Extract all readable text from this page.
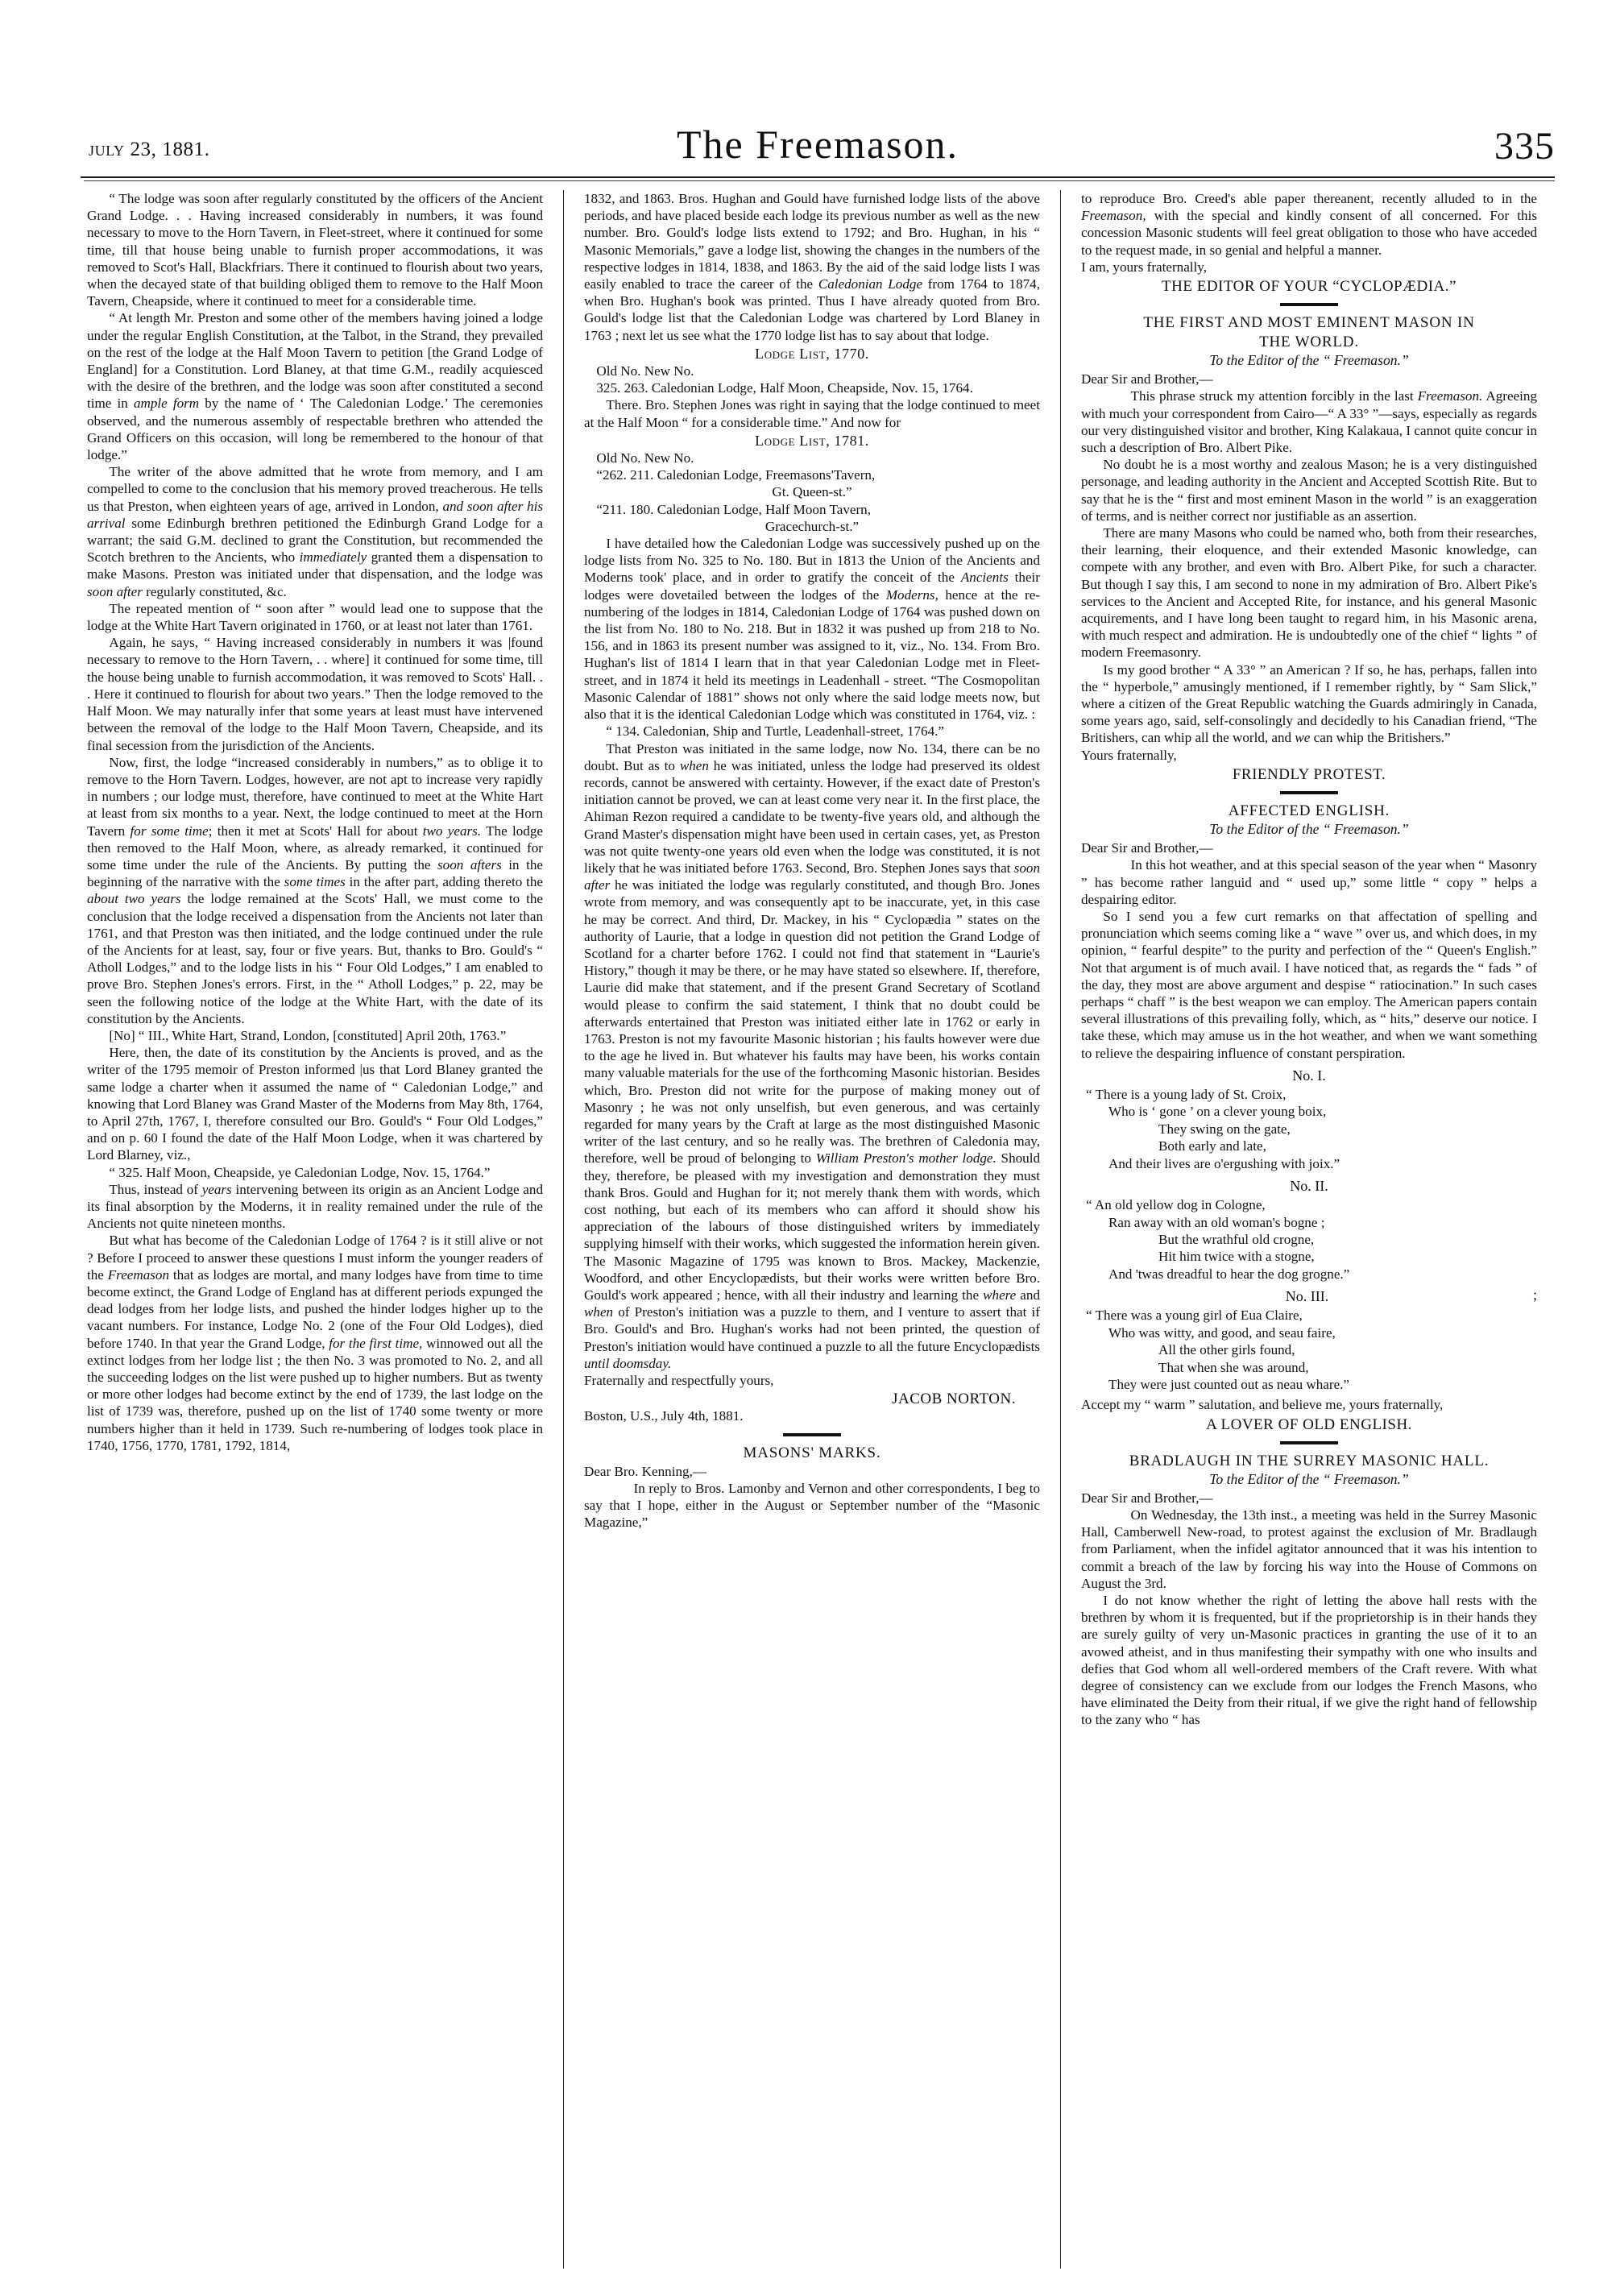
july 23, 1881.	The Freemason.	335

“ The lodge was soon after regularly constituted by the officers of the Ancient Grand Lodge. . . Having increased considerably in numbers, it was found necessary to move to the Horn Tavern, in Fleet-street, where it continued for some time, till that house being unable to furnish proper accommodations, it was removed to Scot's Hall, Blackfriars. There it continued to flourish about two years, when the decayed state of that building obliged them to remove to the Half Moon Tavern, Cheapside, where it continued to meet for a considerable time.

“ At length Mr. Preston and some other of the members having joined a lodge under the regular English Constitution, at the Talbot, in the Strand, they prevailed on the rest of the lodge at the Half Moon Tavern to petition [the Grand Lodge of England] for a Constitution. Lord Blaney, at that time G.M., readily acquiesced with the desire of the brethren, and the lodge was soon after constituted a second time in ample form by the name of ‘ The Caledonian Lodge.’ The ceremonies observed, and the numerous assembly of respectable brethren who attended the Grand Officers on this occasion, will long be remembered to the honour of that lodge.”

The writer of the above admitted that he wrote from memory, and I am compelled to come to the conclusion that his memory proved treacherous. He tells us that Preston, when eighteen years of age, arrived in London, and soon after his arrival some Edinburgh brethren petitioned the Edinburgh Grand Lodge for a warrant; the said G.M. declined to grant the Constitution, but recommended the Scotch brethren to the Ancients, who immediately granted them a dispensation to make Masons. Preston was initiated under that dispensation, and the lodge was soon after regularly constituted, &c.

The repeated mention of “ soon after ” would lead one to suppose that the lodge at the White Hart Tavern originated in 1760, or at least not later than 1761.

Again, he says, “ Having increased considerably in numbers it was |found necessary to remove to the Horn Tavern, . . where] it continued for some time, till the house being unable to furnish accommodation, it was removed to Scots' Hall. . . Here it continued to flourish for about two years.” Then the lodge removed to the Half Moon. We may naturally infer that some years at least must have intervened between the removal of the lodge to the Half Moon Tavern, Cheapside, and its final secession from the jurisdiction of the Ancients.

Now, first, the lodge “increased considerably in numbers,” as to oblige it to remove to the Horn Tavern. Lodges, however, are not apt to increase very rapidly in numbers ; our lodge must, therefore, have continued to meet at the White Hart at least from six months to a year. Next, the lodge continued to meet at the Horn Tavern for some time; then it met at Scots' Hall for about two years. The lodge then removed to the Half Moon, where, as already remarked, it continued for some time under the rule of the Ancients. By putting the soon afters in the beginning of the narrative with the some times in the after part, adding thereto the about two years the lodge remained at the Scots' Hall, we must come to the conclusion that the lodge received a dispensation from the Ancients not later than 1761, and that Preston was then initiated, and the lodge continued under the rule of the Ancients for at least, say, four or five years. But, thanks to Bro. Gould's “ Atholl Lodges,” and to the lodge lists in his “ Four Old Lodges,” I am enabled to prove Bro. Stephen Jones's errors. First, in the “ Atholl Lodges,” p. 22, may be seen the following notice of the lodge at the White Hart, with the date of its constitution by the Ancients.

[No] “ III., White Hart, Strand, London, [constituted] April 20th, 1763.”

Here, then, the date of its constitution by the Ancients is proved, and as the writer of the 1795 memoir of Preston informed |us that Lord Blaney granted the same lodge a charter when it assumed the name of “ Caledonian Lodge,” and knowing that Lord Blaney was Grand Master of the Moderns from May 8th, 1764, to April 27th, 1767, I, therefore consulted our Bro. Gould's “ Four Old Lodges,” and on p. 60 I found the date of the Half Moon Lodge, when it was chartered by Lord Blarney, viz.,

“ 325. Half Moon, Cheapside, ye Caledonian Lodge, Nov. 15, 1764.”

Thus, instead of years intervening between its origin as an Ancient Lodge and its final absorption by the Moderns, it in reality remained under the rule of the Ancients not quite nineteen months.

But what has become of the Caledonian Lodge of 1764 ? is it still alive or not ? Before I proceed to answer these questions I must inform the younger readers of the Freemason that as lodges are mortal, and many lodges have from time to time become extinct, the Grand Lodge of England has at different periods expunged the dead lodges from her lodge lists, and pushed the hinder lodges higher up to the vacant numbers. For instance, Lodge No. 2 (one of the Four Old Lodges), died before 1740. In that year the Grand Lodge, for the first time, winnowed out all the extinct lodges from her lodge list ; the then No. 3 was promoted to No. 2, and all the succeeding lodges on the list were pushed up to higher numbers. But as twenty or more other lodges had become extinct by the end of 1739, the last lodge on the list of 1739 was, therefore, pushed up on the list of 1740 some twenty or more numbers higher than it held in 1739. Such re-numbering of lodges took place in 1740, 1756, 1770, 1781, 1792, 1814,

1832, and 1863. Bros. Hughan and Gould have furnished lodge lists of the above periods, and have placed beside each lodge its previous number as well as the new number. Bro. Gould's lodge lists extend to 1792; and Bro. Hughan, in his “ Masonic Memorials,” gave a lodge list, showing the changes in the numbers of the respective lodges in 1814, 1838, and 1863. By the aid of the said lodge lists I was easily enabled to trace the career of the Caledonian Lodge from 1764 to 1874, when Bro. Hughan's book was printed. Thus I have already quoted from Bro. Gould's lodge list that the Caledonian Lodge was chartered by Lord Blaney in 1763 ; next let us see what the 1770 lodge list has to say about that lodge.

Lodge List, 1770.

Old No. New No.

325. 263. Caledonian Lodge, Half Moon, Cheapside, Nov. 15, 1764.

There. Bro. Stephen Jones was right in saying that the lodge continued to meet at the Half Moon “ for a considerable time.” And now for

Lodge List, 1781.

Old No. New No.

“262. 211. Caledonian Lodge, Freemasons'Tavern,

Gt. Queen-st.”

“211. 180. Caledonian Lodge, Half Moon Tavern,

Gracechurch-st.”

I have detailed how the Caledonian Lodge was successively pushed up on the lodge lists from No. 325 to No. 180. But in 1813 the Union of the Ancients and Moderns took' place, and in order to gratify the conceit of the Ancients their lodges were dovetailed between the lodges of the Moderns, hence at the re-numbering of the lodges in 1814, Caledonian Lodge of 1764 was pushed down on the list from No. 180 to No. 218. But in 1832 it was pushed up from 218 to No. 156, and in 1863 its present number was assigned to it, viz., No. 134. From Bro. Hughan's list of 1814 I learn that in that year Caledonian Lodge met in Fleet-street, and in 1874 it held its meetings in Leadenhall - street. “The Cosmopolitan Masonic Calendar of 1881” shows not only where the said lodge meets now, but also that it is the identical Caledonian Lodge which was constituted in 1764, viz. :

“ 134. Caledonian, Ship and Turtle, Leadenhall-street, 1764.”

That Preston was initiated in the same lodge, now No. 134, there can be no doubt. But as to when he was initiated, unless the lodge had preserved its oldest records, cannot be answered with certainty. However, if the exact date of Preston's initiation cannot be proved, we can at least come very near it. In the first place, the Ahiman Rezon required a candidate to be twenty-five years old, and although the Grand Master's dispensation might have been used in certain cases, yet, as Preston was not quite twenty-one years old even when the lodge was constituted, it is not likely that he was initiated before 1763. Second, Bro. Stephen Jones says that soon after he was initiated the lodge was regularly constituted, and though Bro. Jones wrote from memory, and was consequently apt to be inaccurate, yet, in this case he may be correct. And third, Dr. Mackey, in his “ Cyclopædia ” states on the authority of Laurie, that a lodge in question did not petition the Grand Lodge of Scotland for a charter before 1762. I could not find that statement in “Laurie's History,” though it may be there, or he may have stated so elsewhere. If, therefore, Laurie did make that statement, and if the present Grand Secretary of Scotland would please to confirm the said statement, I think that no doubt could be afterwards entertained that Preston was initiated either late in 1762 or early in 1763. Preston is not my favourite Masonic historian ; his faults however were due to the age he lived in. But whatever his faults may have been, his works contain many valuable materials for the use of the forthcoming Masonic historian. Besides which, Bro. Preston did not write for the purpose of making money out of Masonry ; he was not only unselfish, but even generous, and was certainly regarded for many years by the Craft at large as the most distinguished Masonic writer of the last century, and so he really was. The brethren of Caledonia may, therefore, well be proud of belonging to William Preston's mother lodge. Should they, therefore, be pleased with my investigation and demonstration they must thank Bros. Gould and Hughan for it; not merely thank them with words, which cost nothing, but each of its members who can afford it should show his appreciation of the labours of those distinguished writers by immediately supplying himself with their works, which suggested the information herein given. The Masonic Magazine of 1795 was known to Bros. Mackey, Mackenzie, Woodford, and other Encyclopædists, but their works were written before Bro. Gould's work appeared ; hence, with all their industry and learning the where and when of Preston's initiation was a puzzle to them, and I venture to assert that if Bro. Gould's and Bro. Hughan's works had not been printed, the question of Preston's initiation would have continued a puzzle to all the future Encyclopædists until doomsday.

Fraternally and respectfully yours,

JACOB NORTON.

Boston, U.S., July 4th, 1881.

MASONS' MARKS.

Dear Bro. Kenning,—

In reply to Bros. Lamonby and Vernon and other correspondents, I beg to say that I hope, either in the August or September number of the “Masonic Magazine,”

to reproduce Bro. Creed's able paper thereanent, recently alluded to in the Freemason, with the special and kindly consent of all concerned. For this concession Masonic students will feel great obligation to those who have acceded to the request made, in so genial and helpful a manner.

I am, yours fraternally,

THE EDITOR OF YOUR “CYCLOPÆDIA.”

THE FIRST AND MOST EMINENT MASON IN

THE WORLD.

To the Editor of the “ Freemason.”

Dear Sir and Brother,—

This phrase struck my attention forcibly in the last Freemason. Agreeing with much your correspondent from Cairo—“ A 33° ”—says, especially as regards our very distinguished visitor and brother, King Kalakaua, I cannot quite concur in such a description of Bro. Albert Pike.

No doubt he is a most worthy and zealous Mason; he is a very distinguished personage, and leading authority in the Ancient and Accepted Scottish Rite. But to say that he is the “ first and most eminent Mason in the world ” is an exaggeration of terms, and is neither correct nor justifiable as an assertion.

There are many Masons who could be named who, both from their researches, their learning, their eloquence, and their extended Masonic knowledge, can compete with any brother, and even with Bro. Albert Pike, for such a character. But though I say this, I am second to none in my admiration of Bro. Albert Pike's services to the Ancient and Accepted Rite, for instance, and his general Masonic acquirements, and I have long been taught to regard him, in his Masonic arena, with much respect and admiration. He is undoubtedly one of the chief “ lights ” of modern Freemasonry.

Is my good brother “ A 33° ” an American ? If so, he has, perhaps, fallen into the “ hyperbole,” amusingly mentioned, if I remember rightly, by “ Sam Slick,” where a citizen of the Great Republic watching the Guards admiringly in Canada, some years ago, said, self-consolingly and decidedly to his Canadian friend, “The Britishers, can whip all the world, and we can whip the Britishers.”

Yours fraternally,

FRIENDLY PROTEST.

AFFECTED ENGLISH.

To the Editor of the “ Freemason.”

Dear Sir and Brother,—

In this hot weather, and at this special season of the year when “ Masonry ” has become rather languid and “ used up,” some little “ copy ” helps a despairing editor.

So I send you a few curt remarks on that affectation of spelling and pronunciation which seems coming like a “ wave ” over us, and which does, in my opinion, “ fearful despite” to the purity and perfection of the “ Queen's English.” Not that argument is of much avail. I have noticed that, as regards the “ fads ” of the day, they most are above argument and despise “ ratiocination.” In such cases perhaps “ chaff ” is the best weapon we can employ. The American papers contain several illustrations of this prevailing folly, which, as “ hits,” deserve our notice. I take these, which may amuse us in the hot weather, and when we want something to relieve the despairing influence of constant perspiration.

No. I.

“ There is a young lady of St. Croix,
Who is ‘ gone ’ on a clever young boix,
They swing on the gate,
Both early and late,
And their lives are o'ergushing with joix.”

No. II.

“ An old yellow dog in Cologne,
Ran away with an old woman's bogne ;
But the wrathful old crogne,
Hit him twice with a stogne,
And 'twas dreadful to hear the dog grogne.”

No. III.	;

“ There was a young girl of Eua Claire,
Who was witty, and good, and seau faire,
All the other girls found,
That when she was around,
They were just counted out as neau whare.”

Accept my “ warm ” salutation, and believe me, yours fraternally,

A LOVER OF OLD ENGLISH.

BRADLAUGH IN THE SURREY MASONIC HALL.

To the Editor of the “ Freemason.”

Dear Sir and Brother,—

On Wednesday, the 13th inst., a meeting was held in the Surrey Masonic Hall, Camberwell New-road, to protest against the exclusion of Mr. Bradlaugh from Parliament, when the infidel agitator announced that it was his intention to commit a breach of the law by forcing his way into the House of Commons on August the 3rd.

I do not know whether the right of letting the above hall rests with the brethren by whom it is frequented, but if the proprietorship is in their hands they are surely guilty of very un-Masonic practices in granting the use of it to an avowed atheist, and in thus manifesting their sympathy with one who insults and defies that God whom all well-ordered members of the Craft revere. With what degree of consistency can we exclude from our lodges the French Masons, who have eliminated the Deity from their ritual, if we give the right hand of fellowship to the zany who “ has
